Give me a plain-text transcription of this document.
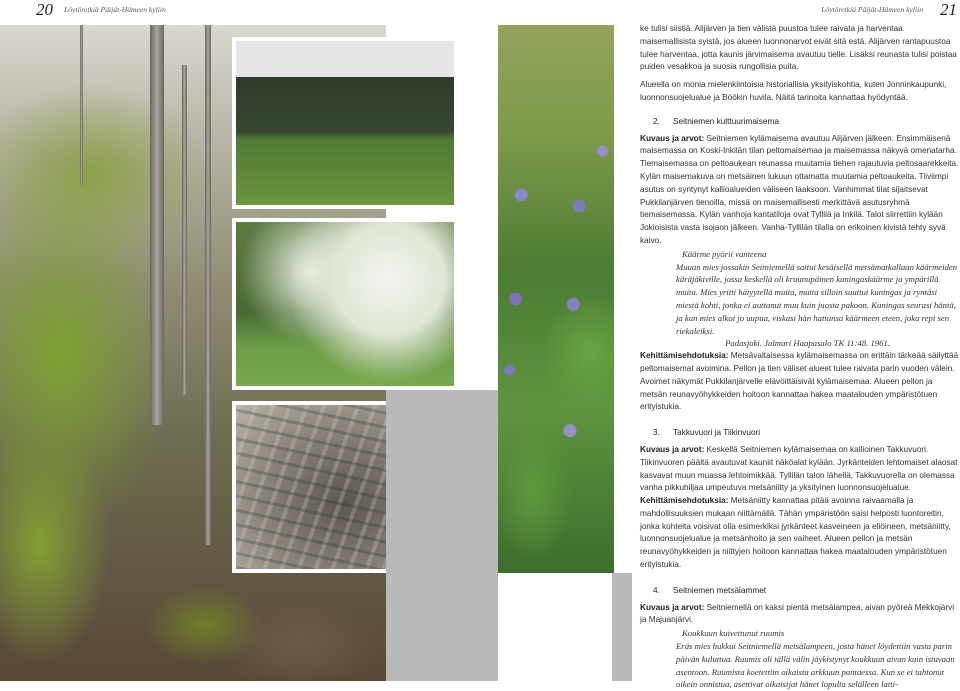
20 Löytöretkiä Päijät-Hämeen kyliin	Löytöretkiä Päijät-Hämeen kyliin 21

ke tulisi siistiä. Alijärven ja tien välistä puustoa tulee raivata ja harventaa maisemallisista syistä, jos alueen luonnonarvot eivät sitä estä. Alijärven rantapuustoa tulee harventaa, jotta kaunis järvimaisema avautuu tielle. Lisäksi reunasta tulisi poistaa puiden vesakkoa ja suosia rungollisia puita.

Alueella on monia mielenkiintoisia historiallisia yksityiskohtia, kuten Jonninkaupunki, luonnonsuojelualue ja Böökin huvila. Näitä tarinoita kannattaa hyödyntää.

2. Seitniemen kulttuurimaisema

Kuvaus ja arvot: Seitniemen kylämaisema avautuu Alijärven jälkeen. Ensimmäisenä maisemassa on Koski-Inkilän tilan peltomaisemaa ja maisemassa näkyvä omenatarha. Tiemaisemassa on peltoaukean reunassa muutamia tiehen rajautuvia peltosaarekkeita. Kylän maisemakuva on metsäinen lukuun ottamatta muutamia peltoaukeita. Tiiviimpi asutus on syntynyt kallioalueiden väliseen laaksoon. Vanhimmat tilat sijaitsevat Pukkilanjärven tienoilla, missä on maisemallisesti merkittävä asutusryhmä tiemaisemassa. Kylän vanhoja kantatiloja ovat Tyllilä ja Inkilä. Talot siirrettiin kylään Jokioisista vasta isojaon jälkeen. Vanha-Tyllilän tilalla on erikoinen kivistä tehty syvä kaivo.

Käärme pyörii vanteena
Muuan mies jossakin Seitniemellä sattui kesäisellä metsämatkallaan käärmeiden käräjäkiville, jossa keskellä oli kruunupäinen kuningaskäärme ja ympärillä muita. Mies yritti hätyytellä muita, mutta silloin suuttui kuningas ja ryntäsi miestä kohti, jonka ei auttanut muu kuin juosta pakoon. Kuningas seurasi häntä, ja kun mies alkoi jo uupua, viskasi hän hattunsa käärmeen eteen, joka repi sen riekaleiksi.
Padasjoki. Jalmari Haapasalo TK 11:48. 1961.

Kehittämisehdotuksia: Metsävaltaisessa kylämaisemassa on erittäin tärkeää säilyttää peltomaisemat avoimina. Pellon ja tien väliset alueet tulee raivata parin vuoden välein. Avoimet näkymät Pukkilanjärvelle elävöittäisivät kylämaisemaa. Alueen pellon ja metsän reunavyöhykkeiden hoitoon kannattaa hakea maatalouden ympäristötuen erityistukia.

3. Takkuvuori ja Tiikinvuori

Kuvaus ja arvot: Keskellä Seitniemen kylämaisemaa on kallioinen Takkuvuori. Tiikinvuoren päältä avautuvat kauniit näköalat kylään. Jyrkänteiden lehtomaiset alaosat kasvavat muun muassa lehtoimikkää. Tyllilän talon lähellä, Takkuvuorella on olemassa vanha pikkuhiljaa umpeutuva metsäniitty ja yksityinen luonnonsuojelualue.

Kehittämisehdotuksia: Metsäniitty kannattaa pitää avoinna raivaamalla ja mahdollisuuksien mukaan niittämällä. Tähän ympäristöön saisi helposti luontoreitin, jonka kohteita voisivat olla esimerkiksi jyrkänteet kasveineen ja eliöineen, metsäniitty, luonnonsuojelualue ja metsänhoito ja sen vaiheet. Alueen pellon ja metsän reunavyöhykkeiden ja niittyjen hoitoon kannattaa hakea maatalouden ympäristötuen erityistukia.

4. Seitniemen metsälammet

Kuvaus ja arvot: Seitniemellä on kaksi pientä metsälampea, aivan pyöreä Mekkojärvi ja Majuanjärvi.

Koukkuun kuivettunut ruumis
Eräs mies hukkui Seitniemellä metsälampeen, josta hänet löydettiin vasta parin päivän kuluttua. Ruumis oli tällä välin jäykistynyt koukkuun aivan kuin istuvaan asentoon. Ruumista koetettiin oikaista arkkuun pantaessa. Kun se ei tahtonut oikein onnistua, asettivat oikaisijat hänet lopulta selälleen latti-
